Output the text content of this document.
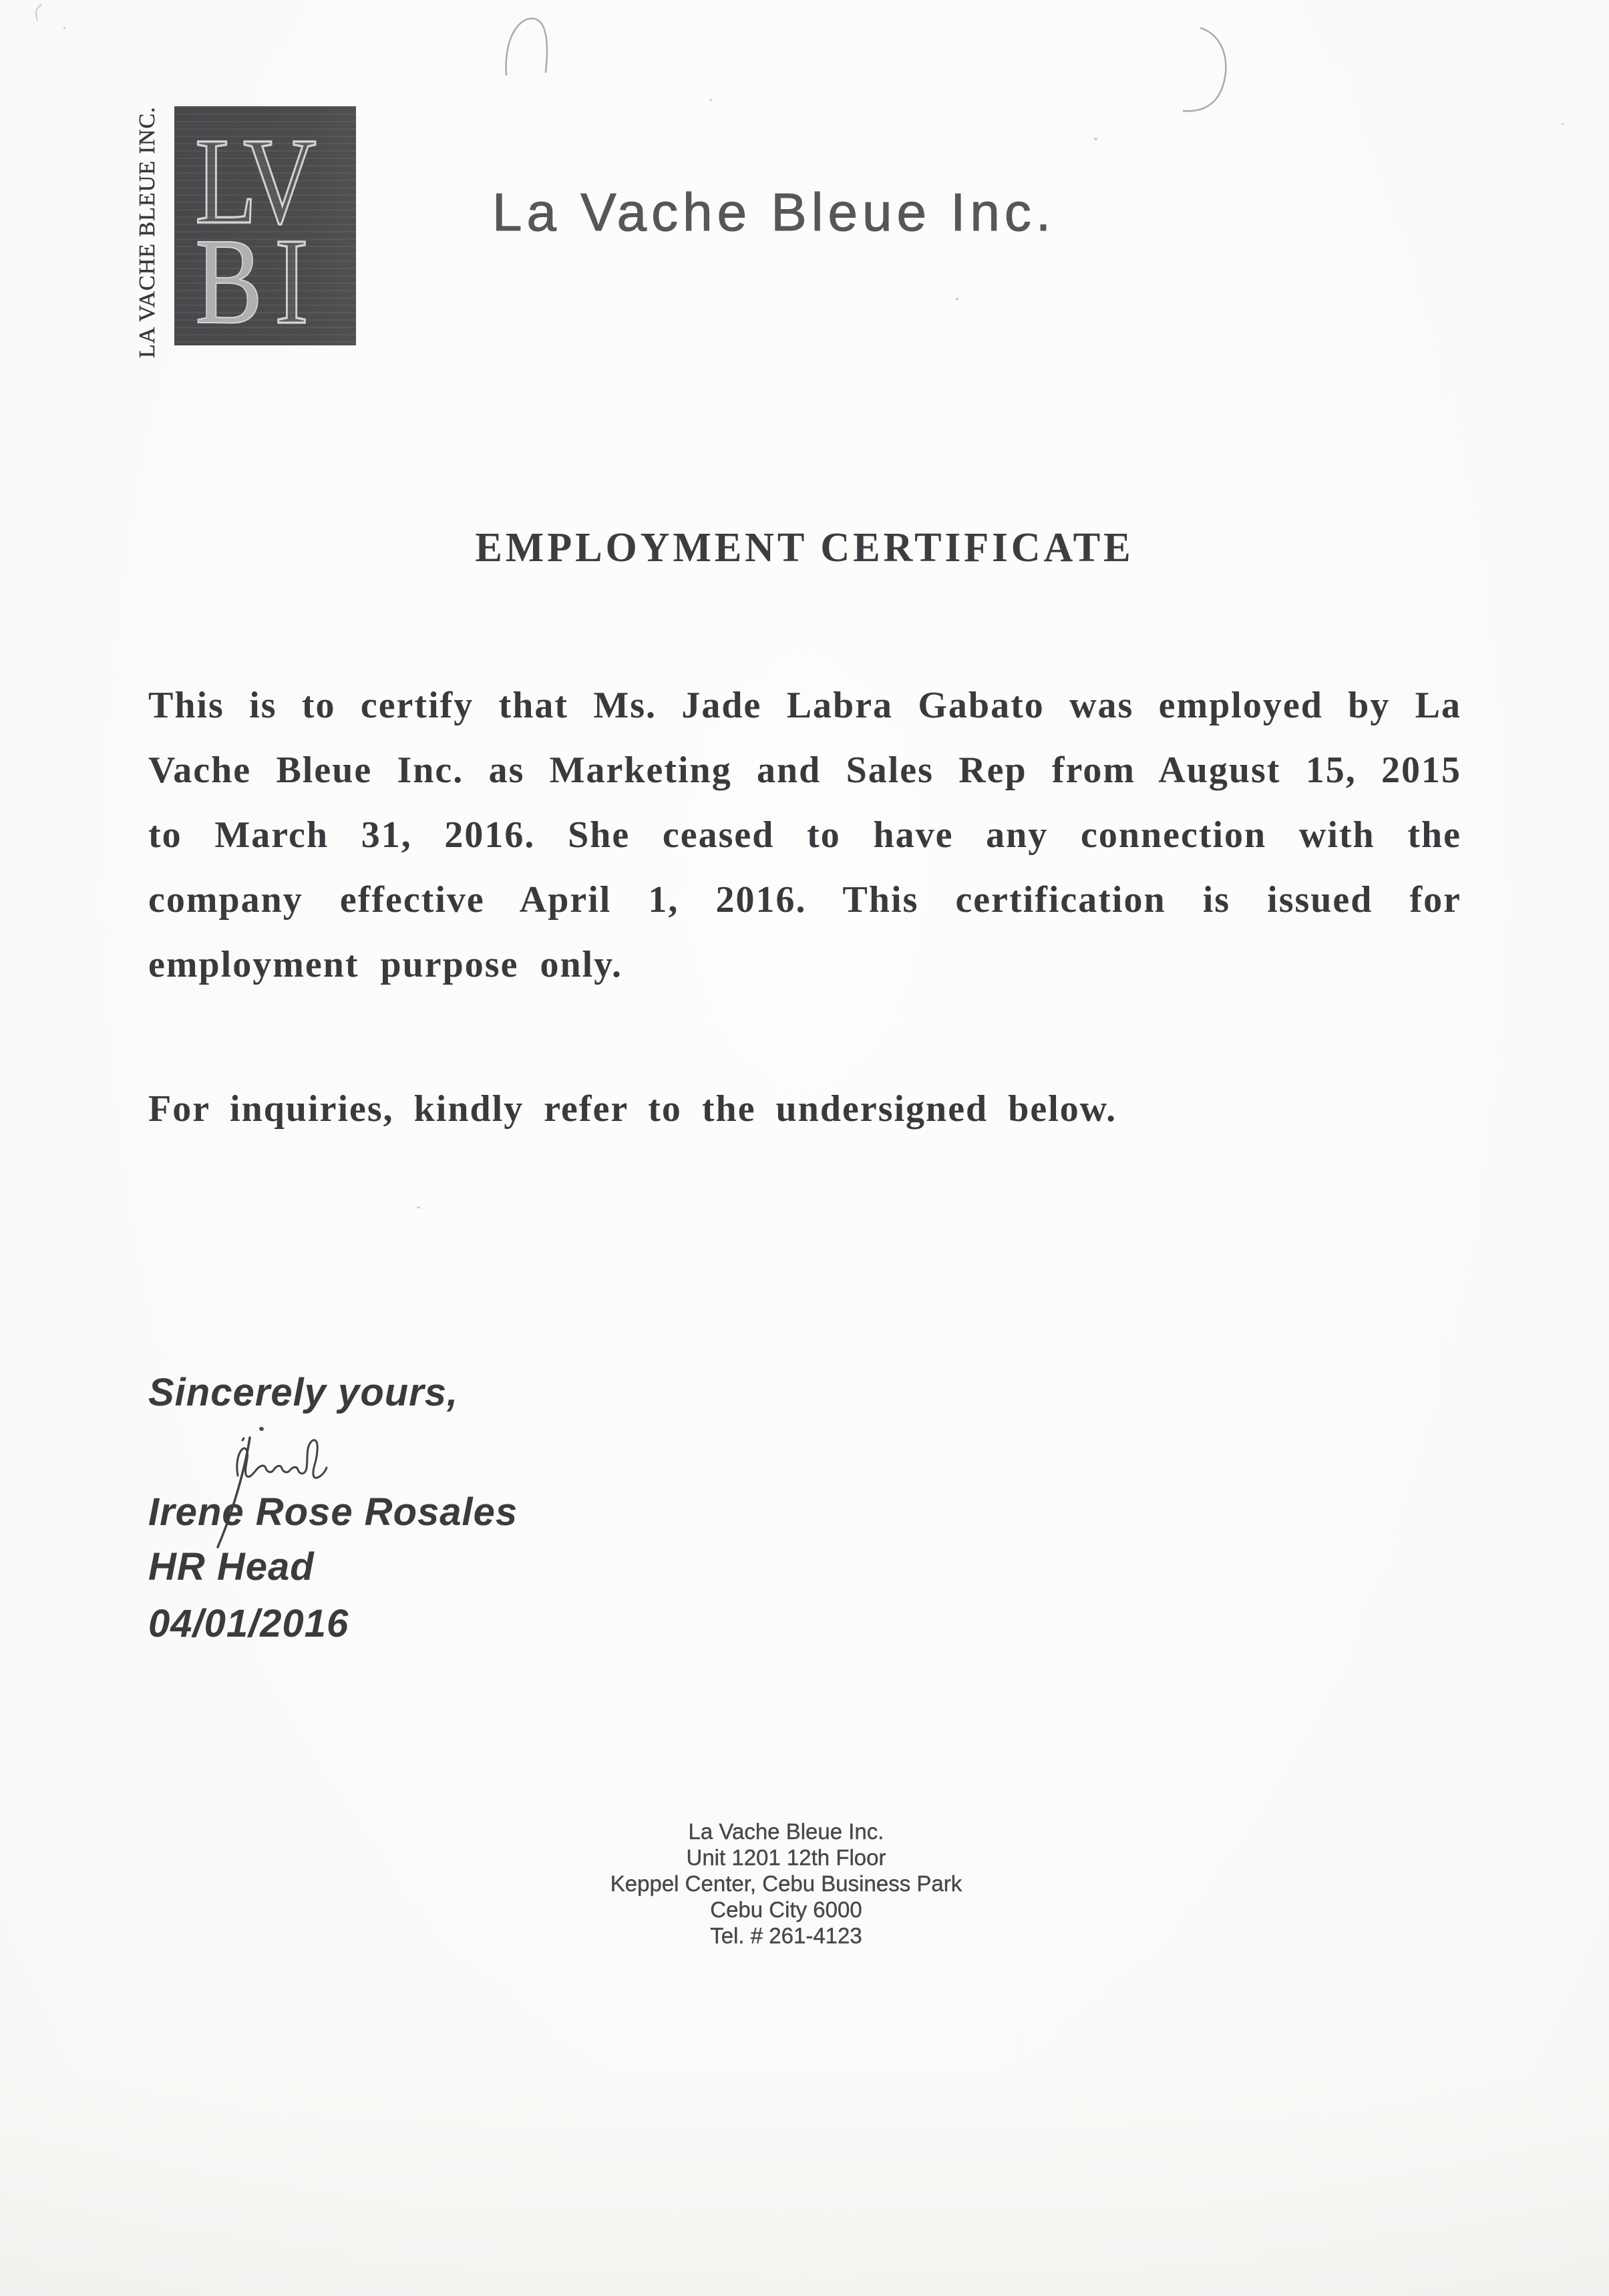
LA VACHE BLEUE INC. LV
BI
La Vache Bleue Inc.
EMPLOYMENT CERTIFICATE
This is to certify that Ms. Jade Labra Gabato was employed by La
Vache Bleue Inc. as Marketing and Sales Rep from August 15, 2015
to March 31, 2016. She ceased to have any connection with the
company effective April 1, 2016. This certification is issued for
employment purpose only.
For inquiries, kindly refer to the undersigned below.
Sincerely yours,
Irene Rose Rosales
HR Head
04/01/2016
La Vache Bleue Inc.
Unit 1201 12th Floor
Keppel Center, Cebu Business Park
Cebu City 6000
Tel. # 261-4123
